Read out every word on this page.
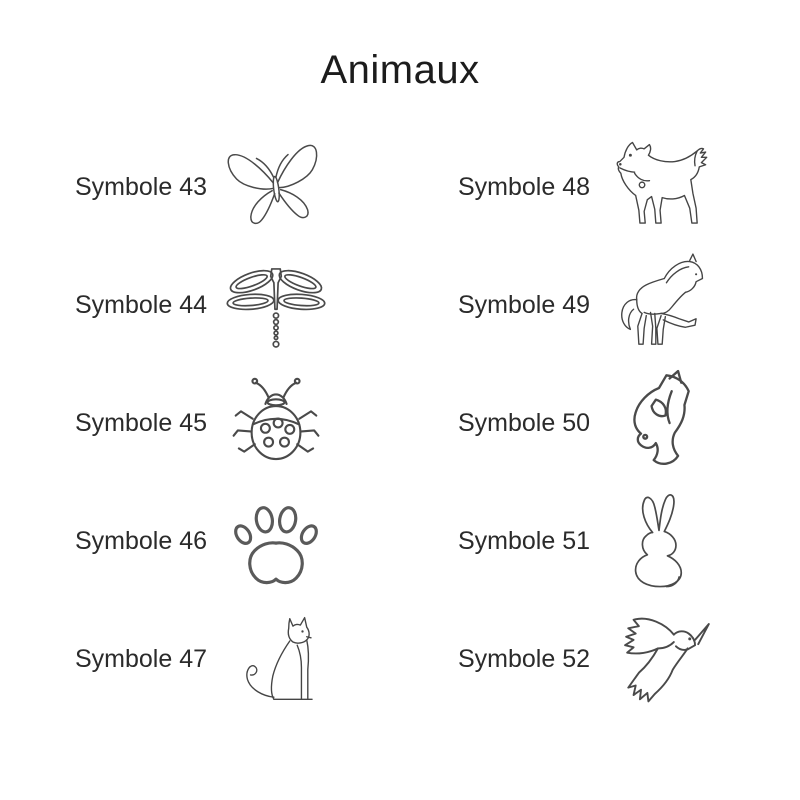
Animaux
Symbole 43	Symbole 48
Symbole 44	Symbole 49
Symbole 45	Symbole 50
Symbole 46	Symbole 51
Symbole 47	Symbole 52
